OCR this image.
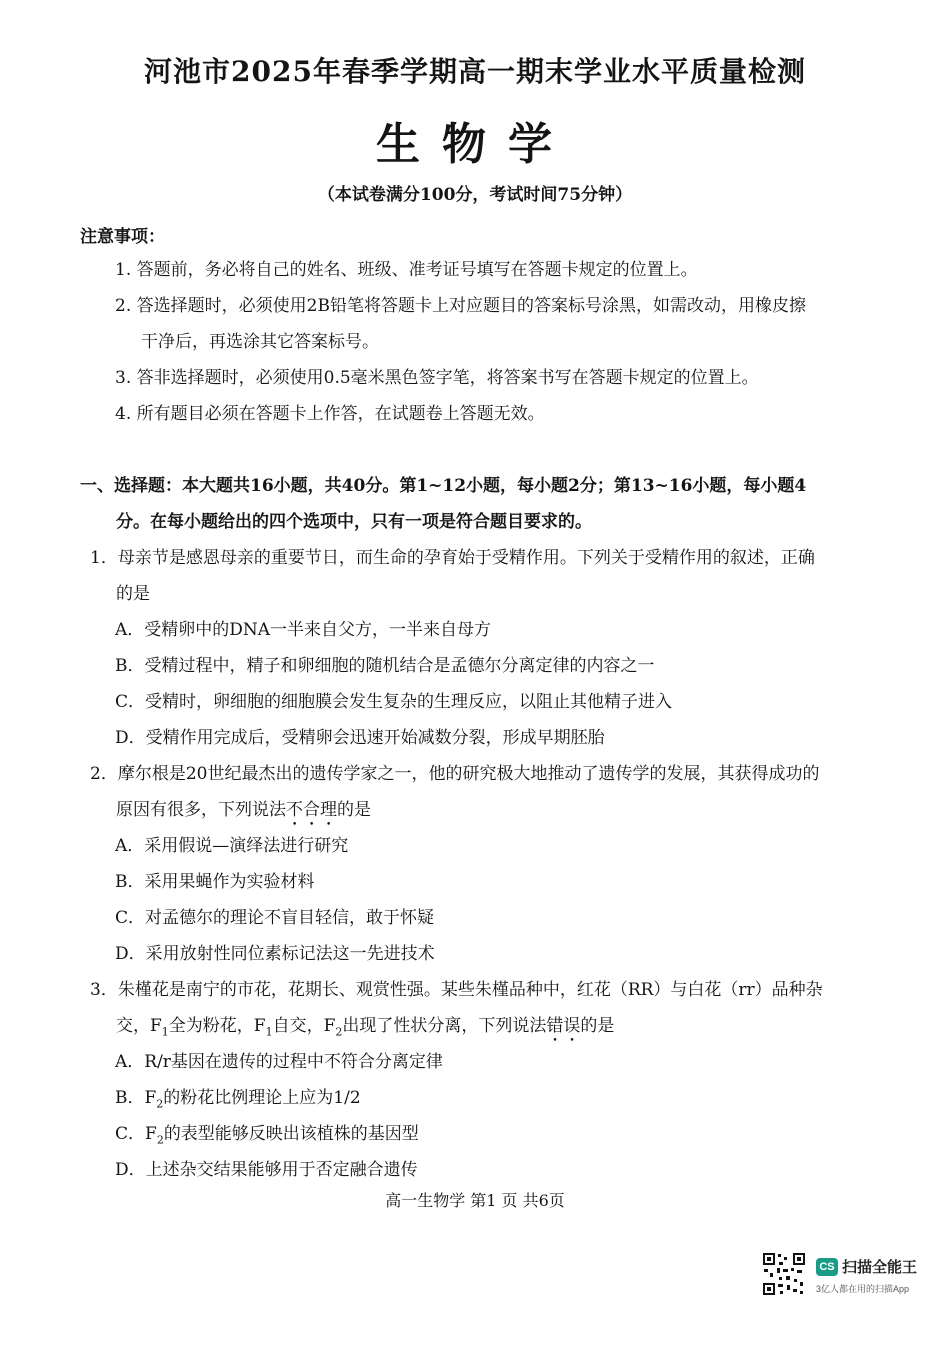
河池市2025年春季学期高一期末学业水平质量检测
生物学
（本试卷满分100分，考试时间75分钟）
注意事项：
1. 答题前，务必将自己的姓名、班级、准考证号填写在答题卡规定的位置上。
2. 答选择题时，必须使用2B铅笔将答题卡上对应题目的答案标号涂黑，如需改动，用橡皮擦
干净后，再选涂其它答案标号。
3. 答非选择题时，必须使用0.5毫米黑色签字笔，将答案书写在答题卡规定的位置上。
4. 所有题目必须在答题卡上作答，在试题卷上答题无效。
一、选择题：本大题共16小题，共40分。第1~12小题，每小题2分；第13~16小题，每小题4
分。在每小题给出的四个选项中，只有一项是符合题目要求的。
1．母亲节是感恩母亲的重要节日，而生命的孕育始于受精作用。下列关于受精作用的叙述，正确
的是
A．受精卵中的DNA一半来自父方，一半来自母方
B．受精过程中，精子和卵细胞的随机结合是孟德尔分离定律的内容之一
C．受精时，卵细胞的细胞膜会发生复杂的生理反应，以阻止其他精子进入
D．受精作用完成后，受精卵会迅速开始减数分裂，形成早期胚胎
2．摩尔根是20世纪最杰出的遗传学家之一，他的研究极大地推动了遗传学的发展，其获得成功的
原因有很多，下列说法不合理的是
A．采用假说—演绎法进行研究
B．采用果蝇作为实验材料
C．对孟德尔的理论不盲目轻信，敢于怀疑
D．采用放射性同位素标记法这一先进技术
3．朱槿花是南宁的市花，花期长、观赏性强。某些朱槿品种中，红花（RR）与白花（rr）品种杂
交，$F_1$全为粉花，$F_1$自交，$F_2$出现了性状分离，下列说法错误的是
A．R/r基因在遗传的过程中不符合分离定律
B．$F_2$的粉花比例理论上应为1/2
C．$F_2$的表型能够反映出该植株的基因型
D．上述杂交结果能够用于否定融合遗传
高一生物学 第1 页 共6页
CS 扫描全能王
3亿人都在用的扫描App
